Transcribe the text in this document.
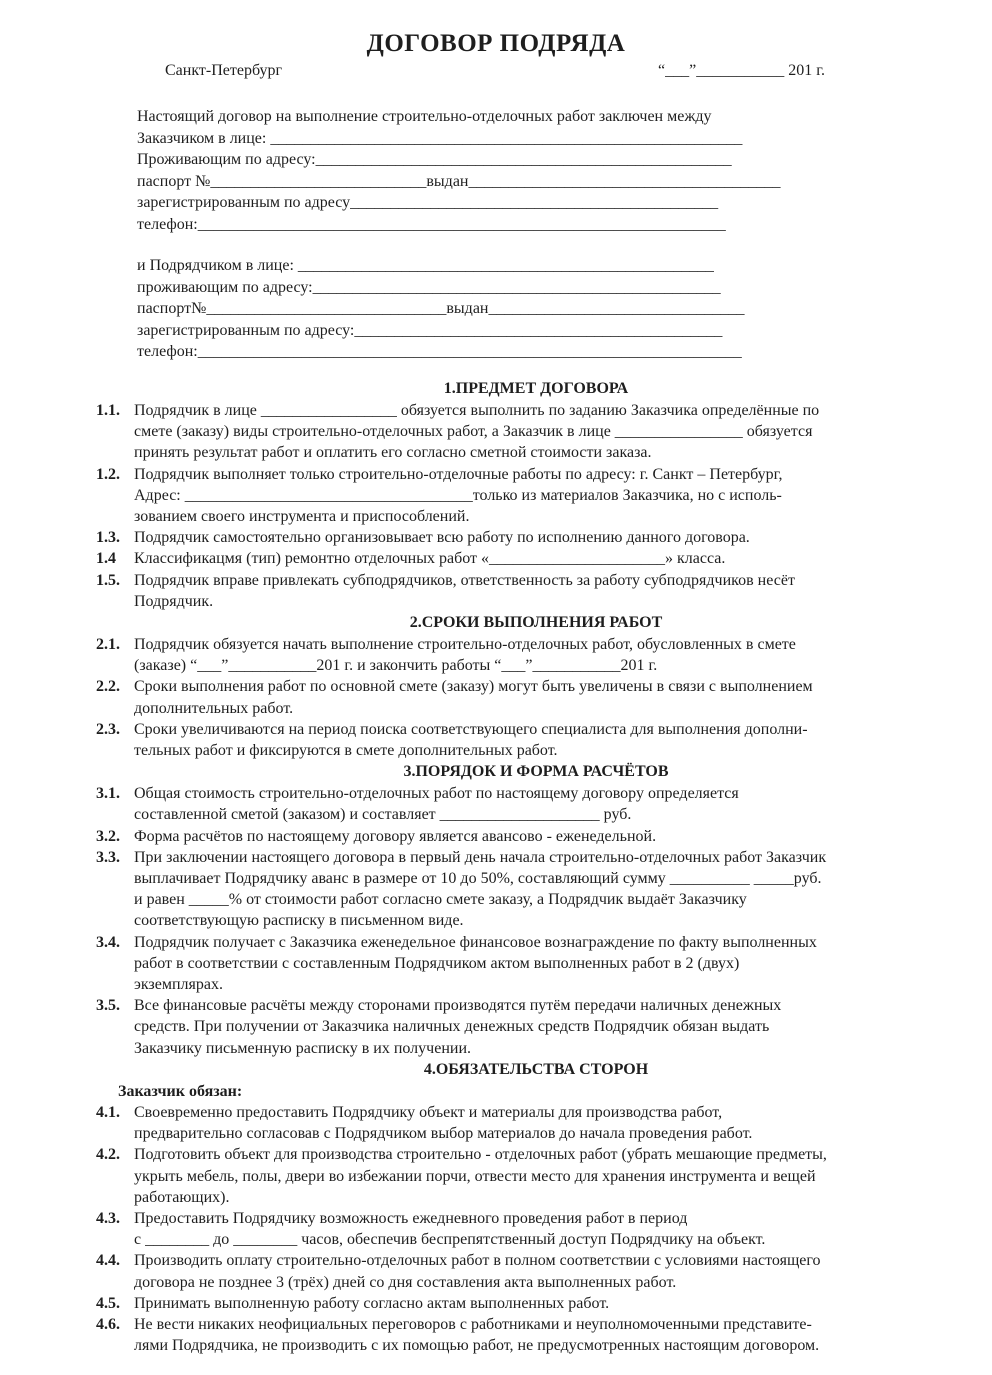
ДОГОВОР ПОДРЯДА
Санкт-Петербург	“___”___________ 201 г.
Настоящий договор на выполнение строительно-отделочных работ заключен между
Заказчиком в лице: ___________________________________________________________
Проживающим по адресу:____________________________________________________
паспорт №___________________________выдан_______________________________________
зарегистрированным по адресу______________________________________________
телефон:__________________________________________________________________
и Подрядчиком в лице: ____________________________________________________
проживающим по адресу:___________________________________________________
паспорт№______________________________выдан________________________________
зарегистрированным по адресу:______________________________________________
телефон:____________________________________________________________________
1.ПРЕДМЕТ ДОГОВОРА
1.1. Подрядчик в лице _________________ обязуется выполнить по заданию Заказчика определённые по
смете (заказу) виды строительно-отделочных работ, а Заказчик в лице ________________ обязуется
принять результат работ и оплатить его согласно сметной стоимости заказа.
1.2. Подрядчик выполняет только строительно-отделочные работы по адресу: г. Санкт – Петербург,
Адрес: ____________________________________только из материалов Заказчика, но с исполь-
зованием своего инструмента и приспособлений.
1.3. Подрядчик самостоятельно организовывает всю работу по исполнению данного договора.
1.4	Классификацмя (тип) ремонтно отделочных работ «______________________» класса.
1.5. Подрядчик вправе привлекать субподрядчиков, ответственность за работу субподрядчиков несёт
Подрядчик.
2.СРОКИ ВЫПОЛНЕНИЯ РАБОТ
2.1. Подрядчик обязуется начать выполнение строительно-отделочных работ, обусловленных в смете
(заказе) “___”___________201 г. и закончить работы “___”___________201 г.
2.2. Сроки выполнения работ по основной смете (заказу) могут быть увеличены в связи с выполнением
дополнительных работ.
2.3. Сроки увеличиваются на период поиска соответствующего специалиста для выполнения дополни-
тельных работ и фиксируются в смете дополнительных работ.
3.ПОРЯДОК И ФОРМА РАСЧЁТОВ
3.1. Общая стоимость строительно-отделочных работ по настоящему договору определяется
составленной сметой (заказом) и составляет ____________________ руб.
3.2. Форма расчётов по настоящему договору является авансово - еженедельной.
3.3. При заключении настоящего договора в первый день начала строительно-отделочных работ Заказчик
выплачивает Подрядчику аванс в размере от 10 до 50%, составляющий сумму __________ _____руб.
и равен _____% от стоимости работ согласно смете заказу, а Подрядчик выдаёт Заказчику
соответствующую расписку в письменном виде.
3.4. Подрядчик получает с Заказчика еженедельное финансовое вознаграждение по факту выполненных
работ в соответствии с составленным Подрядчиком актом выполненных работ в 2 (двух)
экземплярах.
3.5. Все финансовые расчёты между сторонами производятся путём передачи наличных денежных
средств. При получении от Заказчика наличных денежных средств Подрядчик обязан выдать
Заказчику письменную расписку в их получении.
4.ОБЯЗАТЕЛЬСТВА СТОРОН
Заказчик обязан:
4.1. Своевременно предоставить Подрядчику объект и материалы для производства работ,
предварительно согласовав с Подрядчиком выбор материалов до начала проведения работ.
4.2. Подготовить объект для производства строительно - отделочных работ (убрать мешающие предметы,
укрыть мебель, полы, двери во избежании порчи, отвести место для хранения инструмента и вещей
работающих).
4.3. Предоставить Подрядчику возможность ежедневного проведения работ в период
с ________ до ________ часов, обеспечив беспрепятственный доступ Подрядчику на объект.
4.4. Производить оплату строительно-отделочных работ в полном соответствии с условиями настоящего
договора не позднее 3 (трёх) дней со дня составления акта выполненных работ.
4.5. Принимать выполненную работу согласно актам выполненных работ.
4.6. Не вести никаких неофициальных переговоров с работниками и неуполномоченными представите-
лями Подрядчика, не производить с их помощью работ, не предусмотренных настоящим договором.
